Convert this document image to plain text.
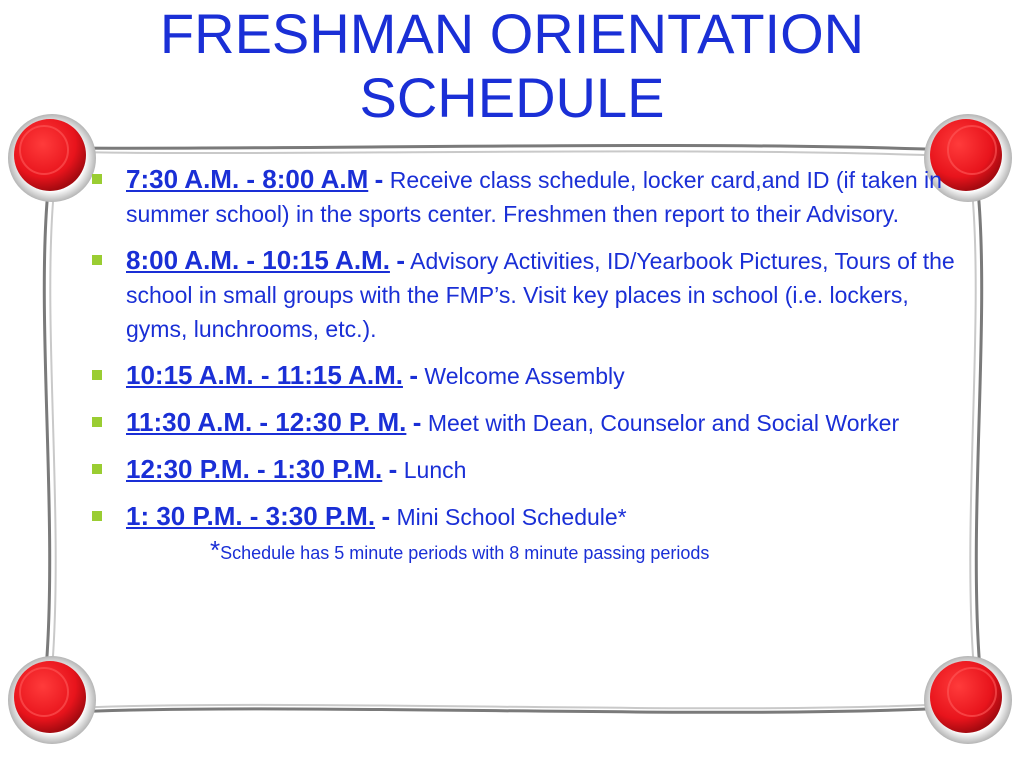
FRESHMAN ORIENTATION
SCHEDULE
7:30 A.M. - 8:00 A.M - Receive class schedule, locker card,and ID (if taken in summer school) in the sports center. Freshmen then report to their Advisory.
8:00 A.M. - 10:15 A.M. - Advisory Activities, ID/Yearbook Pictures, Tours of the school in small groups with the FMP’s. Visit key places in school (i.e. lockers, gyms, lunchrooms, etc.).
10:15 A.M. - 11:15 A.M. - Welcome Assembly
11:30 A.M. - 12:30 P. M. - Meet with Dean, Counselor and Social Worker
12:30 P.M. - 1:30 P.M. - Lunch
1: 30 P.M. - 3:30 P.M. - Mini School Schedule*
*Schedule has 5 minute periods with 8 minute passing periods
